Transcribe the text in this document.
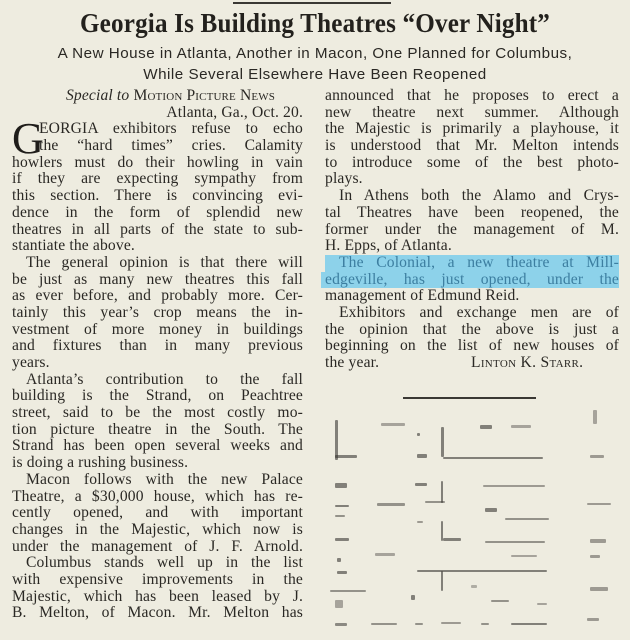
Georgia Is Building Theatres “Over Night”
A New House in Atlanta, Another in Macon, One Planned for Columbus,
While Several Elsewhere Have Been Reopened
Special to Motion Picture News
Atlanta, Ga., Oct. 20.
G
EORGIA exhibitors refuse to echo
the “hard times” cries. Calamity
howlers must do their howling in vain
if they are expecting sympathy from
this section. There is convincing evi-
dence in the form of splendid new
theatres in all parts of the state to sub-
stantiate the above.
The general opinion is that there will
be just as many new theatres this fall
as ever before, and probably more. Cer-
tainly this year’s crop means the in-
vestment of more money in buildings
and fixtures than in many previous
years.
Atlanta’s contribution to the fall
building is the Strand, on Peachtree
street, said to be the most costly mo-
tion picture theatre in the South. The
Strand has been open several weeks and
is doing a rushing business.
Macon follows with the new Palace
Theatre, a $30,000 house, which has re-
cently opened, and with important
changes in the Majestic, which now is
under the management of J. F. Arnold.
Columbus stands well up in the list
with expensive improvements in the
Majestic, which has been leased by J.
B. Melton, of Macon. Mr. Melton has
announced that he proposes to erect a
new theatre next summer. Although
the Majestic is primarily a playhouse, it
is understood that Mr. Melton intends
to introduce some of the best photo-
plays.
In Athens both the Alamo and Crys-
tal Theatres have been reopened, the
former under the management of M.
H. Epps, of Atlanta.
The Colonial, a new theatre at Mill-
edgeville, has just opened, under the
management of Edmund Reid.
Exhibitors and exchange men are of
the opinion that the above is just a
beginning on the list of new houses of
the year.	Linton K. Starr.
